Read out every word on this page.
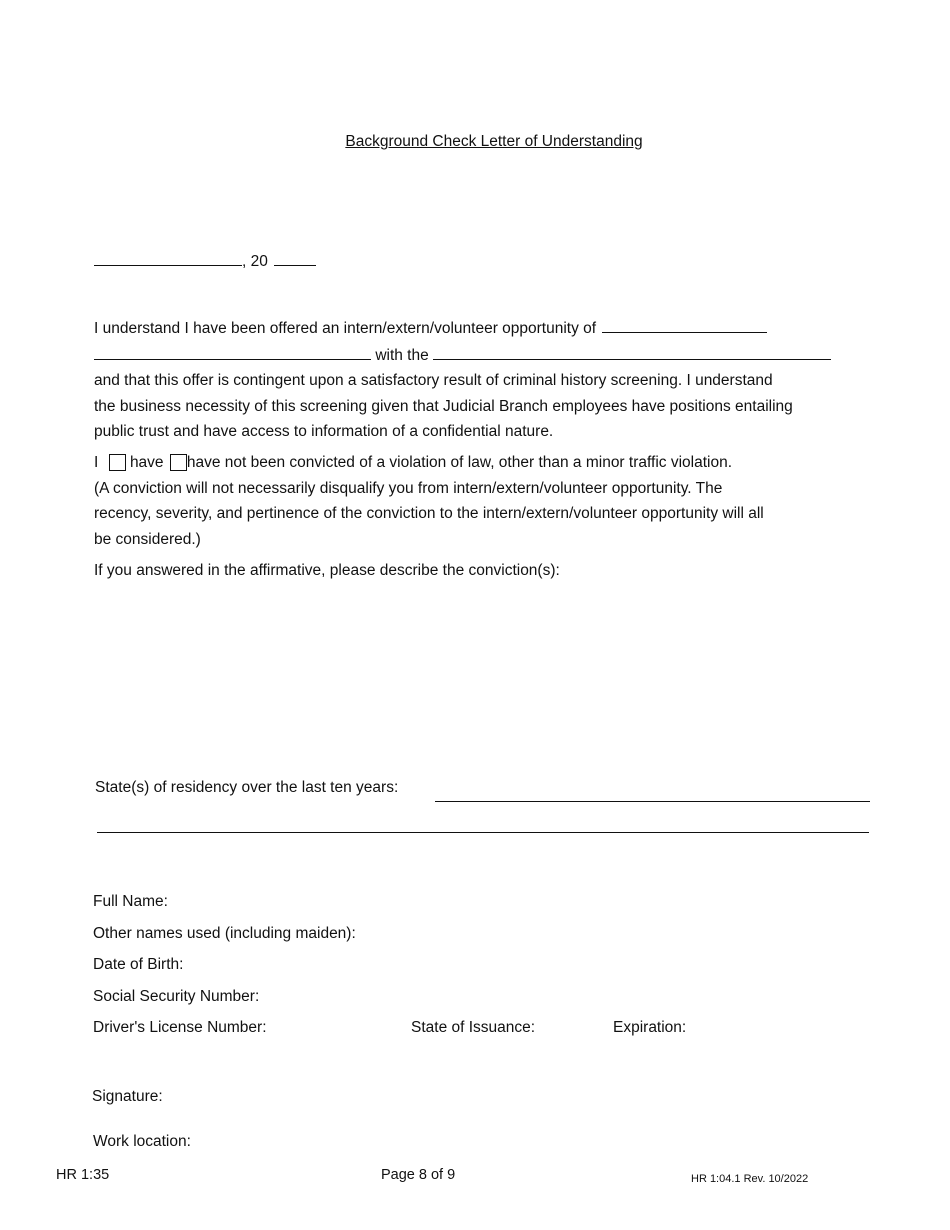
Background Check Letter of Understanding
, 20
I understand I have been offered an intern/extern/volunteer opportunity of
with the
and that this offer is contingent upon a satisfactory result of criminal history screening. I understand
the business necessity of this screening given that Judicial Branch employees have positions entailing
public trust and have access to information of a confidential nature.
I have have not been convicted of a violation of law, other than a minor traffic violation.
(A conviction will not necessarily disqualify you from intern/extern/volunteer opportunity. The
recency, severity, and pertinence of the conviction to the intern/extern/volunteer opportunity will all
be considered.)
If you answered in the affirmative, please describe the conviction(s):
State(s) of residency over the last ten years:
Full Name:
Other names used (including maiden):
Date of Birth:
Social Security Number:
Driver's License Number:	State of Issuance:	Expiration:
Signature:
Work location:
HR 1:35	Page 8 of 9	HR 1:04.1 Rev. 10/2022
